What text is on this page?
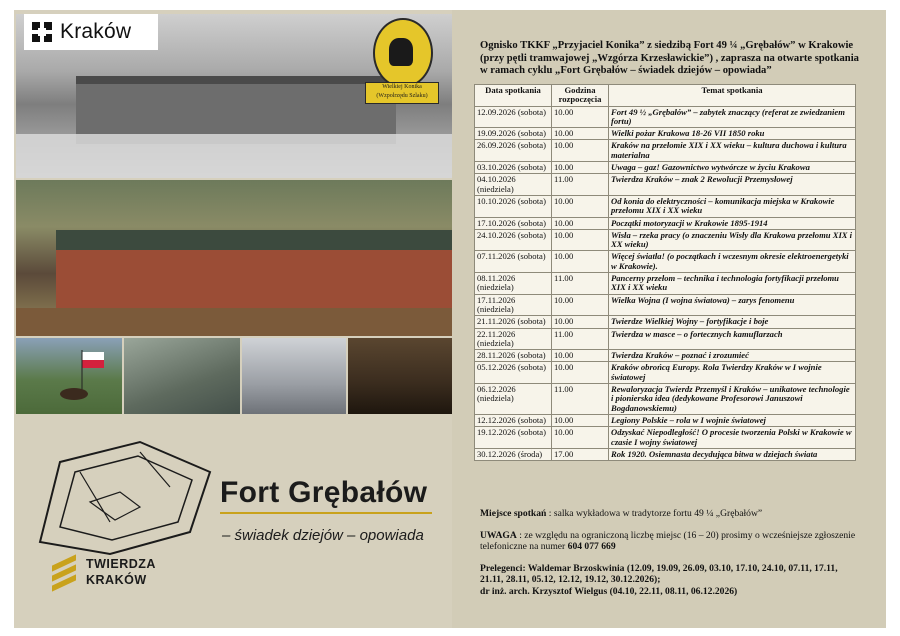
Kraków
Wielkiej Konika (Wzpolrzędu Szlaku)
Fort Grębałów
– świadek dziejów – opowiada
TWIERDZA KRAKÓW
Ognisko TKKF „Przyjaciel Konika” z siedzibą Fort 49 ¼ „Grębałów” w Krakowie (przy pętli tramwajowej „Wzgórza Krzesławickie”) , zaprasza na otwarte spotkania w ramach cyklu „Fort Grębałów – świadek dziejów – opowiada”
Data spotkania	Godzina rozpoczęcia	Temat spotkania
12.09.2026 (sobota)	10.00	Fort 49 ½ „Grębałów” – zabytek znaczący (referat ze zwiedzaniem fortu)
19.09.2026 (sobota)	10.00	Wielki pożar Krakowa 18-26 VII 1850 roku
26.09.2026 (sobota)	10.00	Kraków na przełomie XIX i XX wieku – kultura duchowa i kultura materialna
03.10.2026 (sobota)	10.00	Uwaga – gaz! Gazownictwo wytwórcze w życiu Krakowa
04.10.2026 (niedziela)	11.00	Twierdza Kraków – znak 2 Rewolucji Przemysłowej
10.10.2026 (sobota)	10.00	Od konia do elektryczności – komunikacja miejska w Krakowie przełomu XIX i XX wieku
17.10.2026 (sobota)	10.00	Początki motoryzacji w Krakowie 1895-1914
24.10.2026 (sobota)	10.00	Wisła – rzeka pracy (o znaczeniu Wisły dla Krakowa przełomu XIX i XX wieku)
07.11.2026 (sobota)	10.00	Więcej światła! (o początkach i wczesnym okresie elektroenergetyki w Krakowie).
08.11.2026 (niedziela)	11.00	Pancerny przełom – technika i technologia fortyfikacji przełomu XIX i XX wieku
17.11.2026 (niedziela)	10.00	Wielka Wojna (I wojna światowa) – zarys fenomenu
21.11.2026 (sobota)	10.00	Twierdze Wielkiej Wojny – fortyfikacje i boje
22.11.2026 (niedziela)	11.00	Twierdza w masce – o fortecznych kamuflarzach
28.11.2026 (sobota)	10.00	Twierdza Kraków – poznać i zrozumieć
05.12.2026 (sobota)	10.00	Kraków obrońcą Europy. Rola Twierdzy Kraków w I wojnie światowej
06.12.2026 (niedziela)	11.00	Rewaloryzacja Twierdz Przemyśl i Kraków – unikatowe technologie i pionierska idea (dedykowane Profesorowi Januszowi Bogdanowskiemu)
12.12.2026 (sobota)	10.00	Legiony Polskie – rola w I wojnie światowej
19.12.2026 (sobota)	10.00	Odzyskać Niepodległość! O procesie tworzenia Polski w Krakowie w czasie I wojny światowej
30.12.2026 (środa)	17.00	Rok 1920. Osiemnasta decydująca bitwa w dziejach świata

Miejsce spotkań : salka wykładowa w tradytorze fortu 49 ¼ „Grębałów”

UWAGA : ze względu na ograniczoną liczbę miejsc (16 – 20) prosimy o wcześniejsze zgłoszenie telefoniczne na numer 604 077 669

Prelegenci: Waldemar Brzoskwinia (12.09, 19.09, 26.09, 03.10, 17.10, 24.10, 07.11, 17.11, 21.11, 28.11, 05.12, 12.12, 19.12, 30.12.2026);
dr inż. arch. Krzysztof Wielgus (04.10, 22.11, 08.11, 06.12.2026)
